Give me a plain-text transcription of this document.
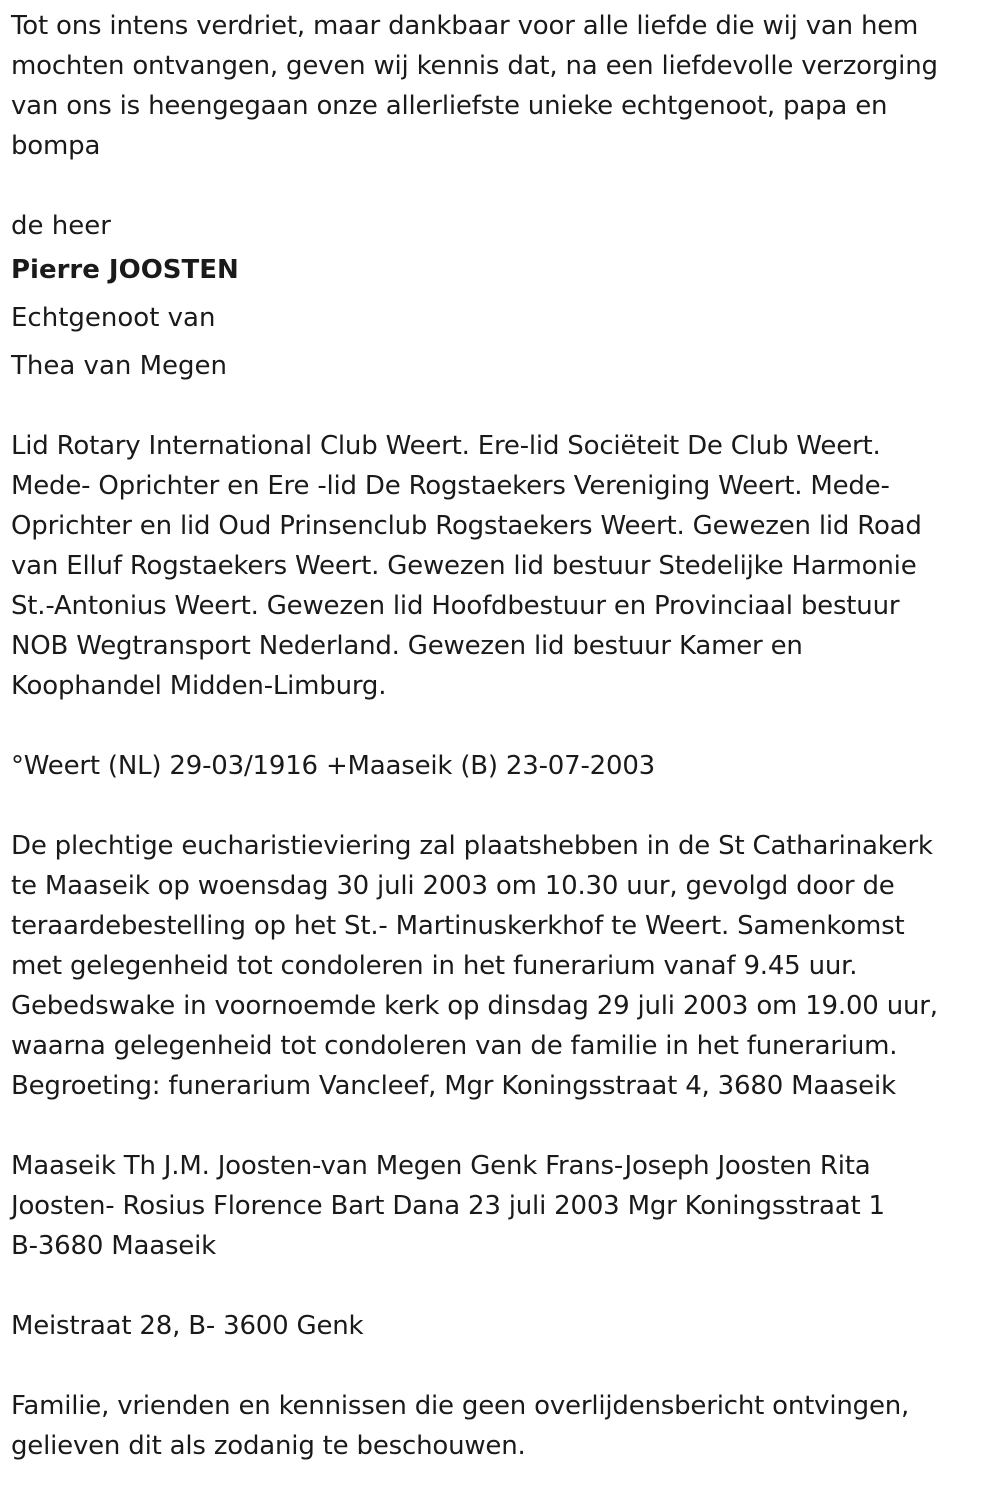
Tot ons intens verdriet, maar dankbaar voor alle liefde die wij van hem
mochten ontvangen, geven wij kennis dat, na een liefdevolle verzorging
van ons is heengegaan onze allerliefste unieke echtgenoot, papa en
bompa

de heer

Pierre JOOSTEN

Echtgenoot van

Thea van Megen

Lid Rotary International Club Weert. Ere-lid Sociëteit De Club Weert.
Mede- Oprichter en Ere -lid De Rogstaekers Vereniging Weert. Mede-
Oprichter en lid Oud Prinsenclub Rogstaekers Weert. Gewezen lid Road
van Elluf Rogstaekers Weert. Gewezen lid bestuur Stedelijke Harmonie
St.-Antonius Weert. Gewezen lid Hoofdbestuur en Provinciaal bestuur
NOB Wegtransport Nederland. Gewezen lid bestuur Kamer en
Koophandel Midden-Limburg.

°Weert (NL) 29-03/1916 +Maaseik (B) 23-07-2003

De plechtige eucharistieviering zal plaatshebben in de St Catharinakerk
te Maaseik op woensdag 30 juli 2003 om 10.30 uur, gevolgd door de
teraardebestelling op het St.- Martinuskerkhof te Weert. Samenkomst
met gelegenheid tot condoleren in het funerarium vanaf 9.45 uur.
Gebedswake in voornoemde kerk op dinsdag 29 juli 2003 om 19.00 uur,
waarna gelegenheid tot condoleren van de familie in het funerarium.
Begroeting: funerarium Vancleef, Mgr Koningsstraat 4, 3680 Maaseik

Maaseik Th J.M. Joosten-van Megen Genk Frans-Joseph Joosten Rita
Joosten- Rosius Florence Bart Dana 23 juli 2003 Mgr Koningsstraat 1
B-3680 Maaseik

Meistraat 28, B- 3600 Genk

Familie, vrienden en kennissen die geen overlijdensbericht ontvingen,
gelieven dit als zodanig te beschouwen.
